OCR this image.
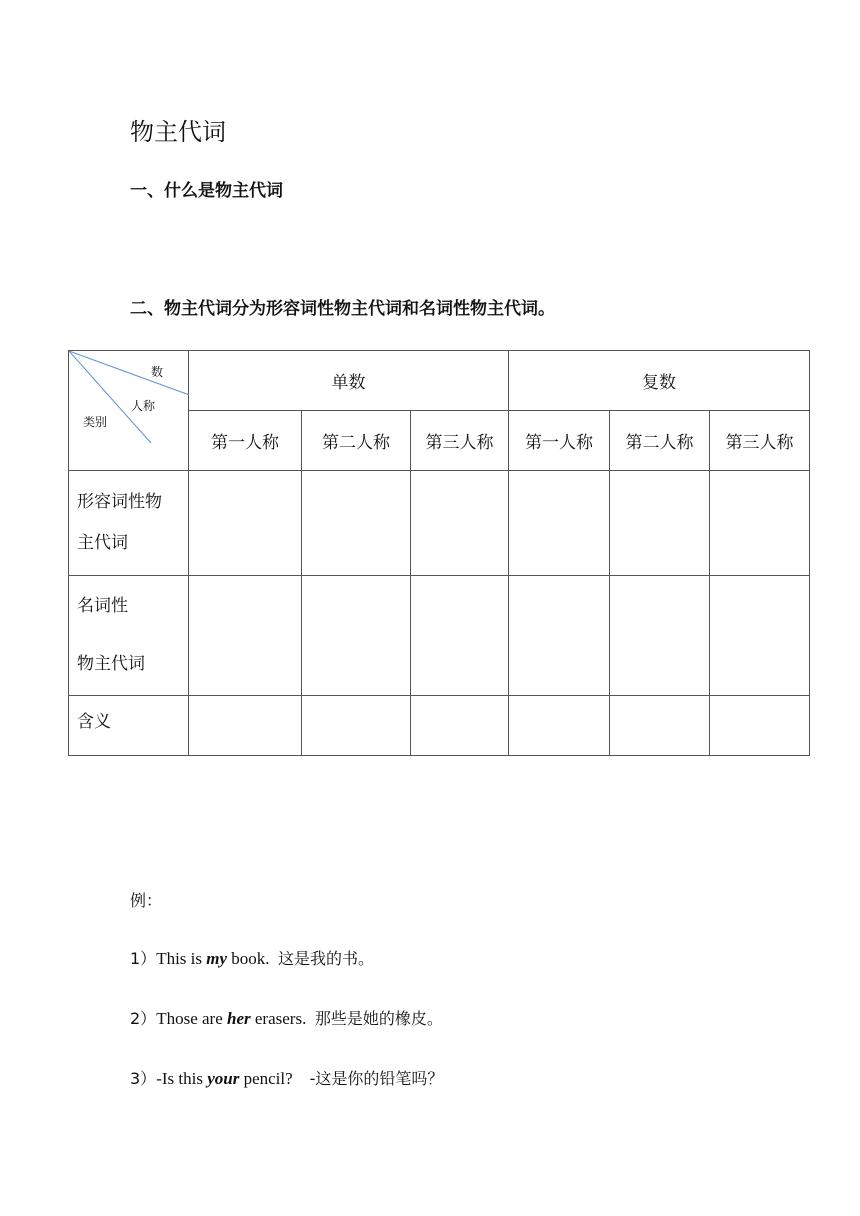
物主代词
一、什么是物主代词
二、物主代词分为形容词性物主代词和名词性物主代词。
数
人称
类别	单数			复数		
	第一人称	第二人称	第三人称	第一人称	第二人称	第三人称

形容词性物
主代词						

名词性
物主代词						

含义						

例：
1）This is my book. 这是我的书。
2）Those are her erasers. 那些是她的橡皮。
3）-Is this your pencil? -这是你的铅笔吗？
